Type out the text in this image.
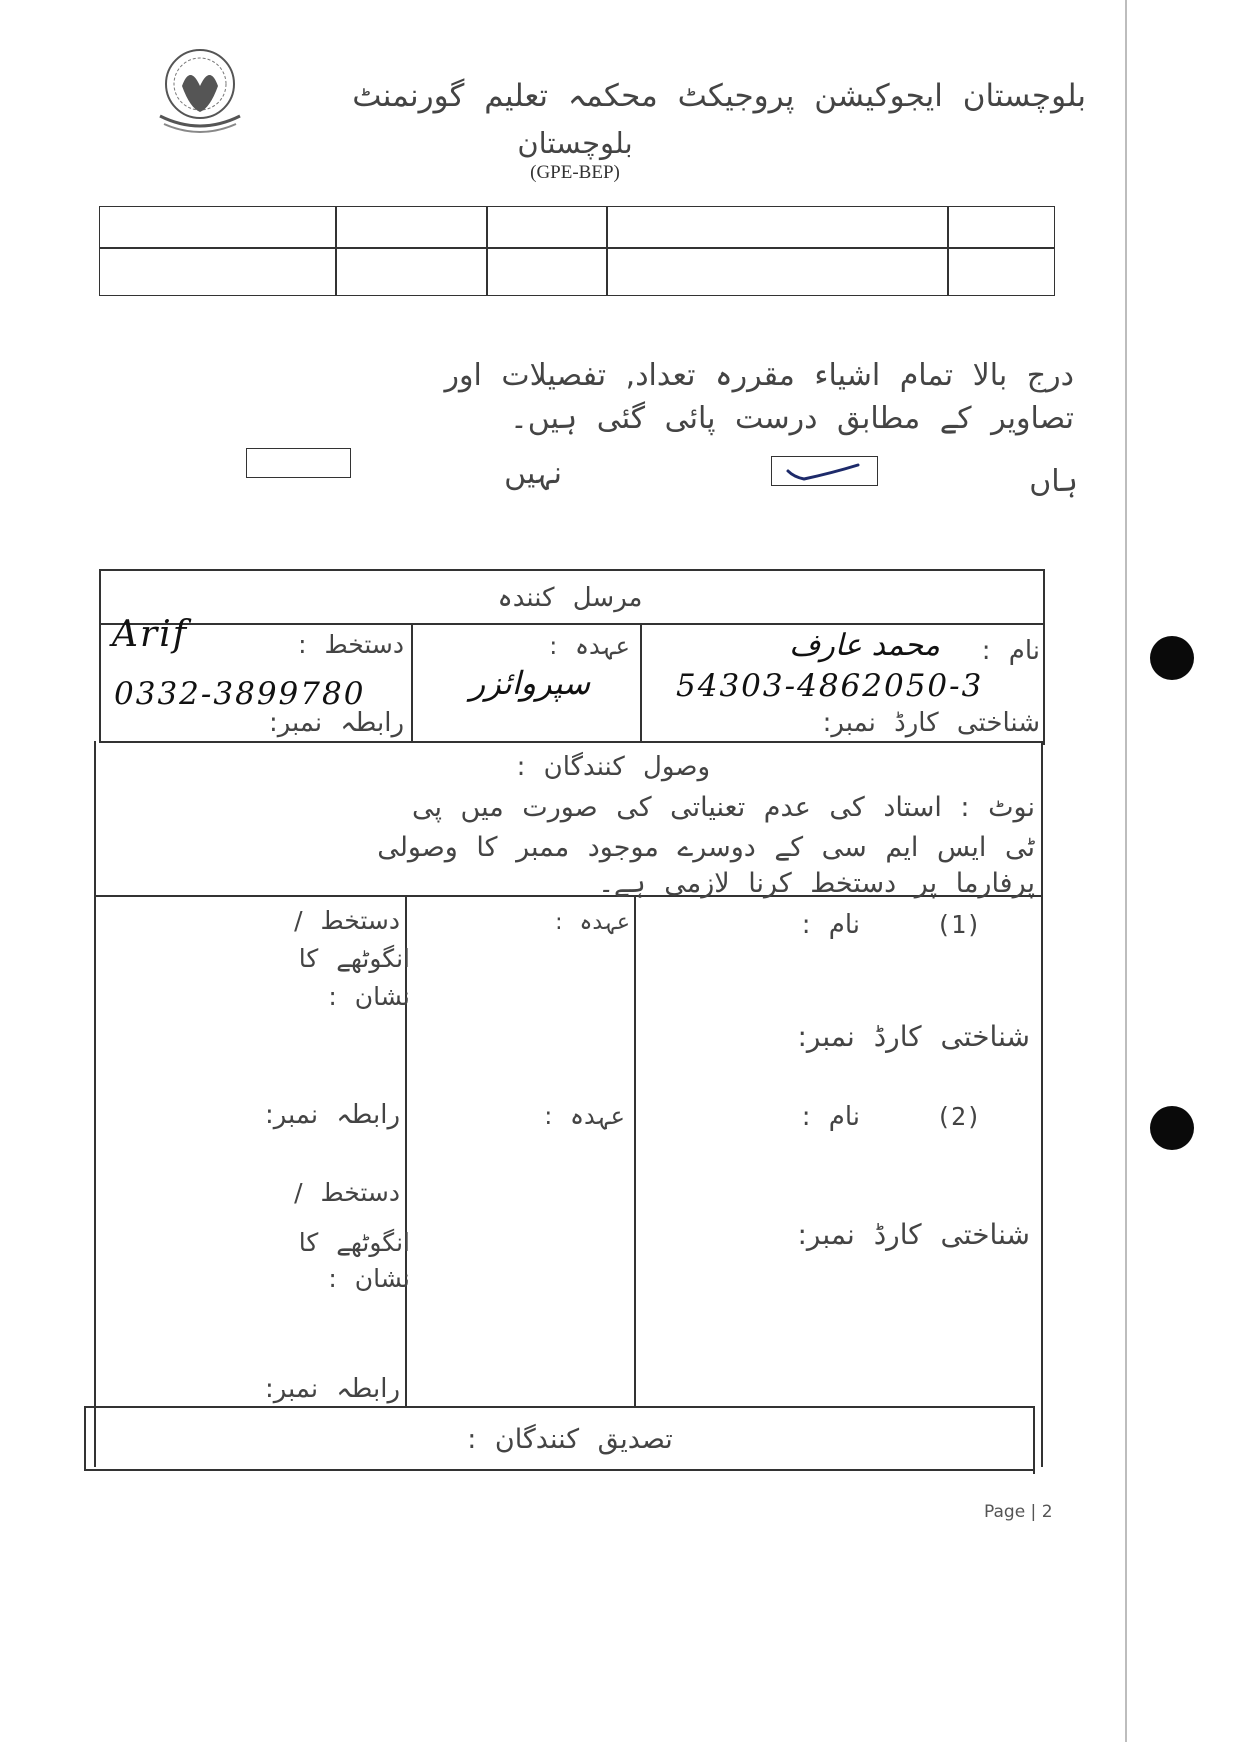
بلوچستان ایجوکیشن پروجیکٹ محکمہ تعلیم گورنمنٹ
بلوچستان
(GPE-BEP)
درج بالا تمام اشیاء مقررہ تعداد, تفصیلات اور
تصاویر کے مطابق درست پائی گئی ہیں۔
ہاں
نہیں
مرسل کنندہ
نام :
محمد عارف
54303-4862050-3
شناختی کارڈ نمبر:
عہدہ :
سپروائزر
دستخط :
Arif
0332-3899780
رابطہ نمبر:
وصول کنندگان :
نوٹ : استاد کی عدم تعنیاتی کی صورت میں پی
ٹی ایس ایم سی کے دوسرے موجود ممبر کا وصولی
پرفارما پر دستخط کرنا لازمی ہے۔
(1)
نام :
شناختی کارڈ نمبر:
عہدہ :
دستخط /
انگوٹھے کا
نشان :
رابطہ نمبر:	(2)
نام :
شناختی کارڈ نمبر:
عہدہ :
دستخط /
انگوٹھے کا
نشان :
رابطہ نمبر:
تصدیق کنندگان :
Page | 2
